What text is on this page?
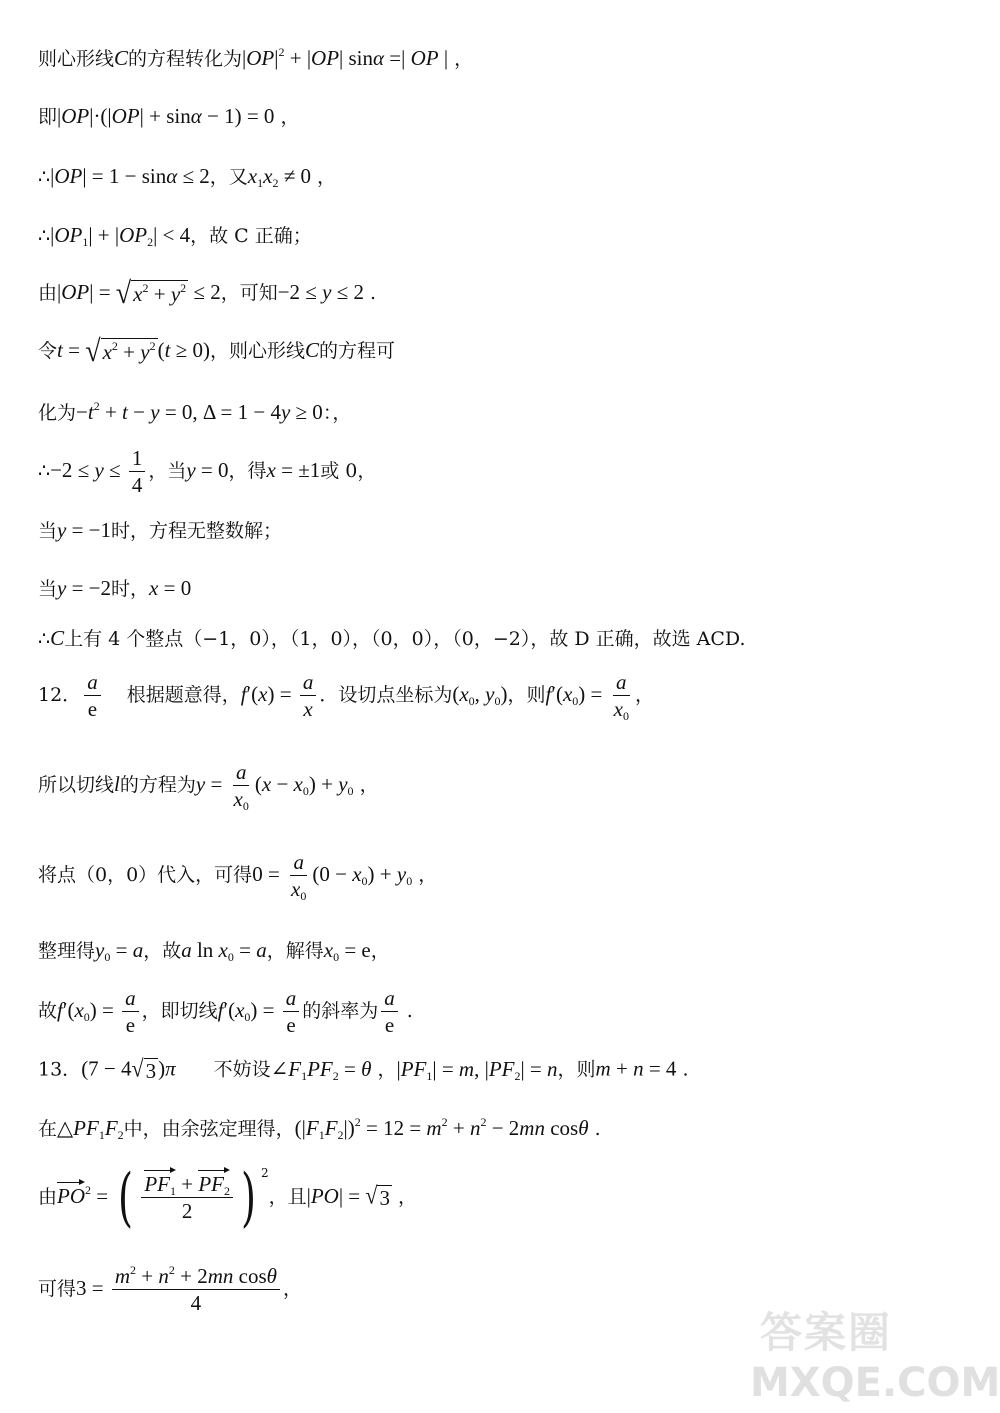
则心形线C的方程转化为$|OP|^2 + |OP|$ sinα =| OP | ，
即|OP|·(|OP| + sinα − 1) = 0 ，
∴|OP| = 1 − sinα ≤ 2，又$x_1x_2 \ne 0$ ，
$\therefore|OP_1| + |OP_2| < 4$，故 C 正确；
由|OP| = √ $x^2 + y^2 \le 2$，可知−2 ≤ y ≤ 2 .
令t = √ $x^2 + y^2$ (t ≥ 0)，则心形线C的方程可
化为$-t^2 + t - y = 0$, Δ = 1 − 4y ≥ 0：，
∴−2 ≤ $y \le \frac{1}{4}$ ，当y = 0，得x = ±1或 0，
当y = −1时，方程无整数解；
当y = −2时，x = 0
∴C上有 4 个整点（−1，0），（1，0），（0，0），（0，−2），故 D 正确，故选 ACD.
12． $\frac{a}{e}$ 根据题意得，$f'(x) = \frac{a}{x}$ ．设切点坐标为($x_0$, $y_0$)，则$f'(x_0) = \frac{a}{x_0}$ ，
所以切线l的方程为$y = \frac{a}{x_0} (x - x_0) + y_0$ ，
将点（0，0）代入，可得$0 = \frac{a}{x_0} (0 - x_0) + y_0$ ，
整理得$y_0 = a$，故a $\ln x_0 = a$，解得$x_0 = e$，
故$f'(x_0) = \frac{a}{e}$ ，即切线$f'(x_0) = \frac{a}{e}$ 的斜率为 $\frac{a}{e}$ .
13．(7 − 4 √ 3 )π　　 不妨设$\angle F_1PF_2 = \theta$ ，$|PF_1| = m$, $|PF_2| = n$，则m + n = 4 .
在$\triangle PF_1F_2$中，由余弦定理得，$(|F_1F_2|)^2 = 12 = m^2 + n^2 - 2mn$ cosθ .
由$PO^2$ = ( $\frac{PF_1 + PF_2}{2}$ ) $^2$，且|PO| = √ 3 ，
可得$3 = \frac{m^2 + n^2 + 2mn \cos\theta}{4}$ ，
答案圈
MXQE.COM
